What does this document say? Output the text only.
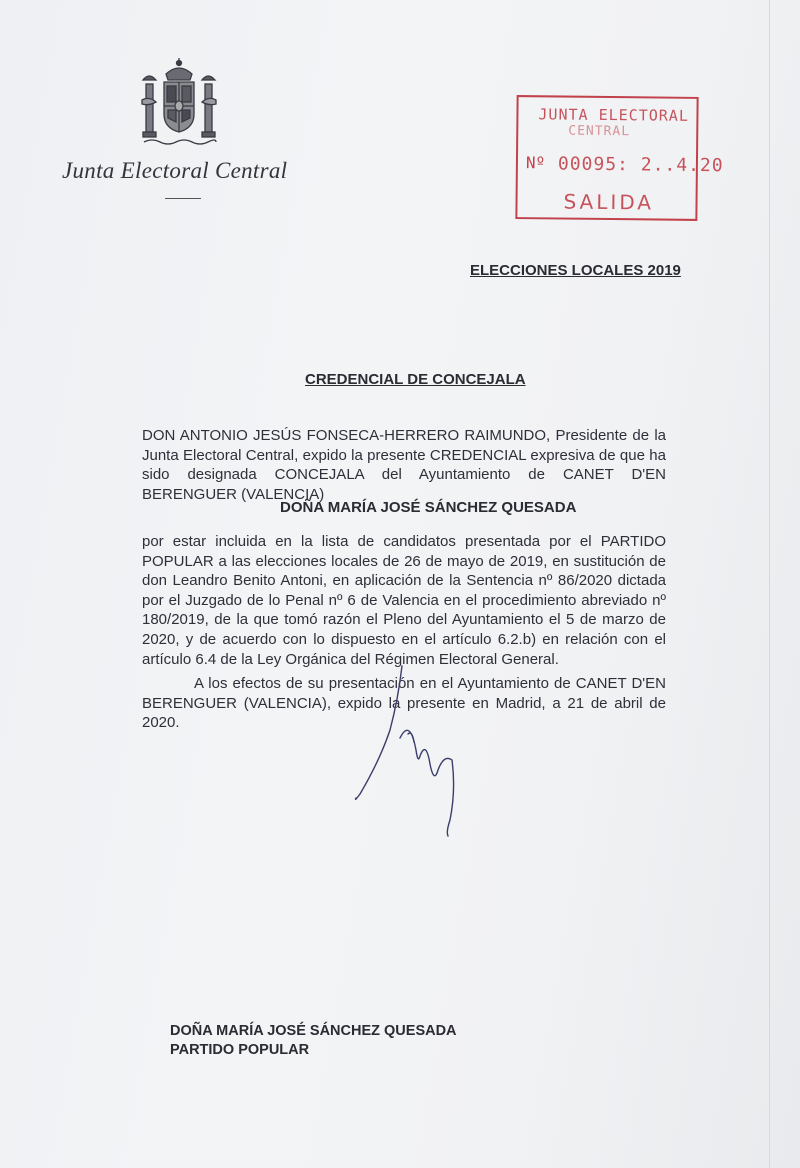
Junta Electoral Central
JUNTA ELECTORAL
CENTRAL
Nº 00095: 2..4.20
SALIDA
ELECCIONES LOCALES 2019
CREDENCIAL DE CONCEJALA
DON ANTONIO JESÚS FONSECA-HERRERO RAIMUNDO, Presidente de la Junta Electoral Central, expido la presente CREDENCIAL expresiva de que ha sido designada CONCEJALA del Ayuntamiento de CANET D'EN BERENGUER (VALENCIA)
DOÑA MARÍA JOSÉ SÁNCHEZ QUESADA
por estar incluida en la lista de candidatos presentada por el PARTIDO POPULAR a las elecciones locales de 26 de mayo de 2019, en sustitución de don Leandro Benito Antoni, en aplicación de la Sentencia nº 86/2020 dictada por el Juzgado de lo Penal nº 6 de Valencia en el procedimiento abreviado nº 180/2019, de la que tomó razón el Pleno del Ayuntamiento el 5 de marzo de 2020, y de acuerdo con lo dispuesto en el artículo 6.2.b) en relación con el artículo 6.4 de la Ley Orgánica del Régimen Electoral General.
A los efectos de su presentación en el Ayuntamiento de CANET D'EN BERENGUER (VALENCIA), expido la presente en Madrid, a 21 de abril de 2020.
DOÑA MARÍA JOSÉ SÁNCHEZ QUESADA
PARTIDO POPULAR
